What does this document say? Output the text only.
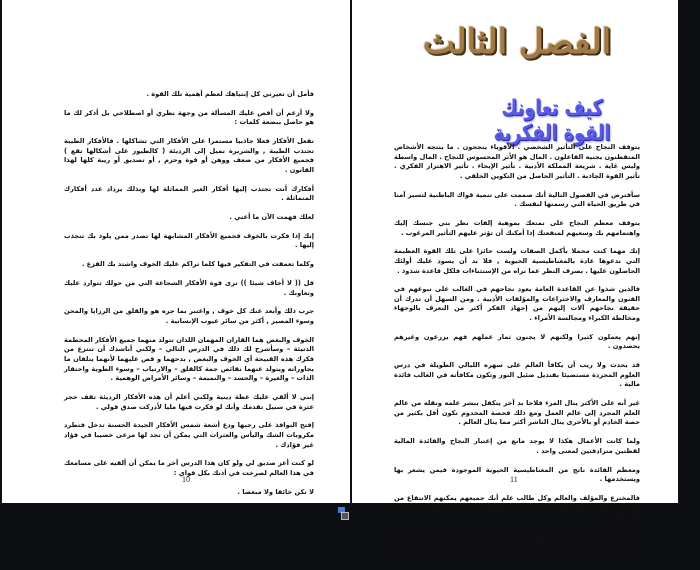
فأمل أن تعيرني كل إنتباهك لعظم أهمية تلك القوة .

ولا أزعم أن أقص عليك المسألة من وجهة نظري أو اصطلاحي بل أذكر لك ما هو حاصل ببضعة كلمات :

تفعل الأفكار فعلا جاذبيا مستمرا على الأفكار التي تشاكلها . فالأفكار الطيبة تجتذب الطيبة , والشريرة تميل إلى الرديئة ( كالطيور على أشكالها تقع ) فجميع الأفكار من ضعف ووهن أو قوة وحزم , أو تصديق أو ريبة كلها لهذا القانون .

أفكارك أنت تجتذب إليها أفكار الغير المماثلة لها وبذلك يزداد عدد أفكارك المتماثلة .

لعلك فهمت الآن ما أعني .

إنك إذا فكرت بالخوف فجميع الأفكار المشابهة لها تصدر ممن يلوذ بك تنجذب إليها .

وكلما تعمقت في التفكير فيها كلما تراكم عليك الخوف واشتد بك الفزع .

قل (( لا أخاف شيئا )) ترى قوة الأفكار الشجاعة التي من حولك تتوارد عليك وتعاونك .

جرب ذلك وأبعد عنك كل خوف , واعتبر بما جره هو والقلق من الرزايا والمحن وسوء المصير , أكثر من سائر عيوب الإنسانية .

الخوف والبغض هما القاران المهمان اللذان تتولد منهما جميع الأفكار المحطمة الدنيئة – وسأشرح لك ذلك في الدرس التالي – ولكني أناشدك أن تنتزع من فكرك هذه القبيحة أي الخوف والبغض , بدحهما و قص عليهما لأنهما يتلفان ما يجاورانه ويتولد عنهما نقائص جمة كالقلق – والارتياب – وسوء الطوية واحتقار الذات – والغيرة – والحسد – والنميمة – وسائر الأمراض الوهمية .

إنني لا ألقي عليك عظة دينية ولكني أعلم أن هذه الأفكار الرديئة تقف حجر عثرة في سبيل تقدمك وأنك لو فكرت فيها مليا لأدركت صدق قولي .

إفتح النوافذ على رحبها ودع أشعة شمس الأفكار الجيدة الحسنة تدخل فتطرد مكروبات الشك واليأس والعثرات التي يمكن أن تجد لها مرعى خصيبا في فؤاد غير فؤادك .

لو كنت أعز صديق لي ولو كان هذا الدرس آخر ما يمكن أن ألقيه على مسامعك في هذا العالم لصرخت في أذنك بكل قواي :

لا تكن خائفا ولا مبغضا .

10
الفصل الثالث
كيف تعاونك القوة الفكرية

يتوقف النجاح على التأثير الشخصي . الأقوياء ينجحون . ما ينتجه الأشخاص المتفطنون يجنيه الفاعلون . المال هو الأثر المحسوس للنجاح . المال واسطة وليس غاية . شريعة المملكة الأدبية . تأثير الإيحاء . تأثير الاهتزاز الفكري . تأثير القوة الجاذبة . التأثير الحاصل من التكوين الخلقي .

سأفترض في الفصول التالية أنك صممت على تنمية قواك الباطنية لتسير آمنا في طريق الحياة التي رسمتها لنفسك .

يتوقف معظم النجاح على تمتعك بموهبة إلفات نظر بني جنسك إليك واهتمامهم بك وسعيهم لمنفعتك إذا أمكنك أن تؤثر عليهم التأثير المرغوب .

إنك مهما كنت محملا بأكمل الصفات ولست حائزا على تلك القوة العظيمة التي ندعوها عادة بالمغناطيسية الحيوية , فلا بد أن يسود عليك أولئك الحاصلون عليها . بصرف النظر عما نراه من الإستثناءات فلكل قاعدة شذوذ .

فالذين شذوا عن القاعدة العامة يعود نجاحهم في الغالب على نبوغهم في الفنون والمعارف والاختراعات والمؤلفات الأدبية . ومن السهل أن تدرك أن حقيقة نجاحهم آلات إليهم من إجهاد الفكر أكثر من التعرف بالوجهاء ومخالطة الكبراء ومجالسة الأمراء .

إنهم يعملون كثيرا ولكنهم لا يجنون ثمار عملهم فهم يزرعون وغيرهم يحصدون .

قد يحدث ولا ريب أن يكافأ العالم على سهره الليالي الطويلة في درس العلوم المجردة مستضيئا بقنديل ضئيل النور وتكون مكافأته في الغالب فائدة مالية .

غير أنه على الأكثر ينال المرء فلاحا بد آخر يتكفل بنشر علمه ونقله من عالم العلم المجرد إلى عالم العمل ومع ذلك فحصة المخدوم تكون أقل بكثير من حصة الخادم أو بالأحرى ينال الناشر أكثر مما ينال العالم .

ولما كانت الأعمال هكذا لا يوجد مانع من إعتبار النجاح والفائدة المالية لفظتين مترادفتين لمعنى واحد .

ومعظم الفائدة ناتج من المغناطيسية الحيوية الموجودة فيمن يشعر بها ويستخدمها .

فالمخترع والمؤلف والعالم وكل طالب علم أنك جميعهم يمكنهم الانتفاع من المملكة الفكرية والوقوف على أسرارها والعمل على استخدامها في الدوائر المعقولة .

إلا أن الإنسان المدني الذي يكون على اتصال دائم ببني جنسه هو الذي تعرض له غالبا فرصة استعمال تلك القوة المدهشة التي لا تنيله النجاح فقط بل وقوامه المادي أي المال .

11
